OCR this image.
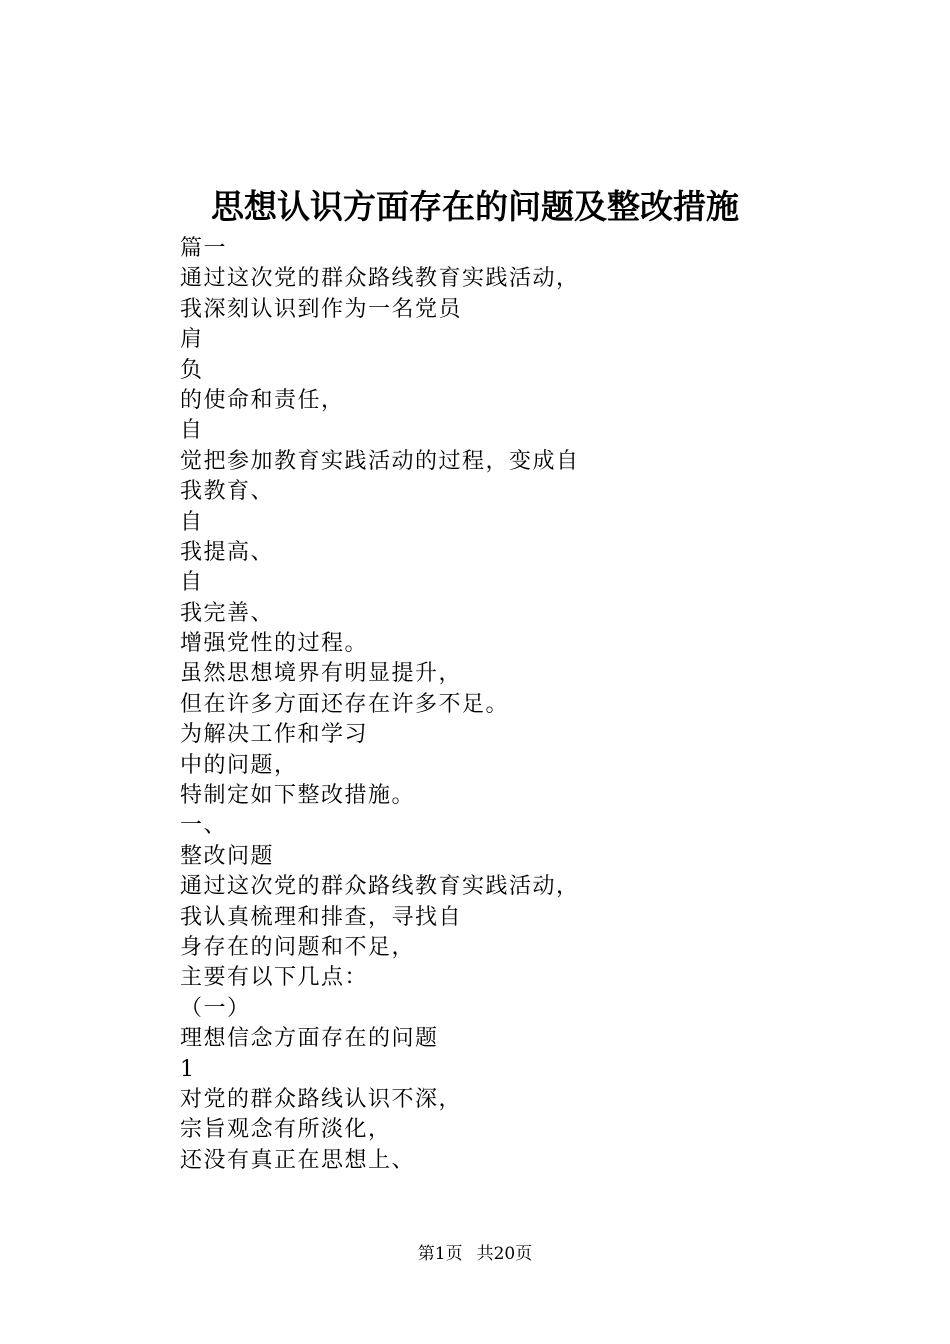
思想认识方面存在的问题及整改措施
篇一
通过这次党的群众路线教育实践活动，
我深刻认识到作为一名党员
肩
负
的使命和责任，
自
觉把参加教育实践活动的过程，变成自
我教育、
自
我提高、
自
我完善、
增强党性的过程。
虽然思想境界有明显提升，
但在许多方面还存在许多不足。
为解决工作和学习
中的问题，
特制定如下整改措施。
一、
整改问题
通过这次党的群众路线教育实践活动，
我认真梳理和排查，寻找自
身存在的问题和不足，
主要有以下几点：
（一）
理想信念方面存在的问题
1
对党的群众路线认识不深，
宗旨观念有所淡化，
还没有真正在思想上、
第1页 共20页
